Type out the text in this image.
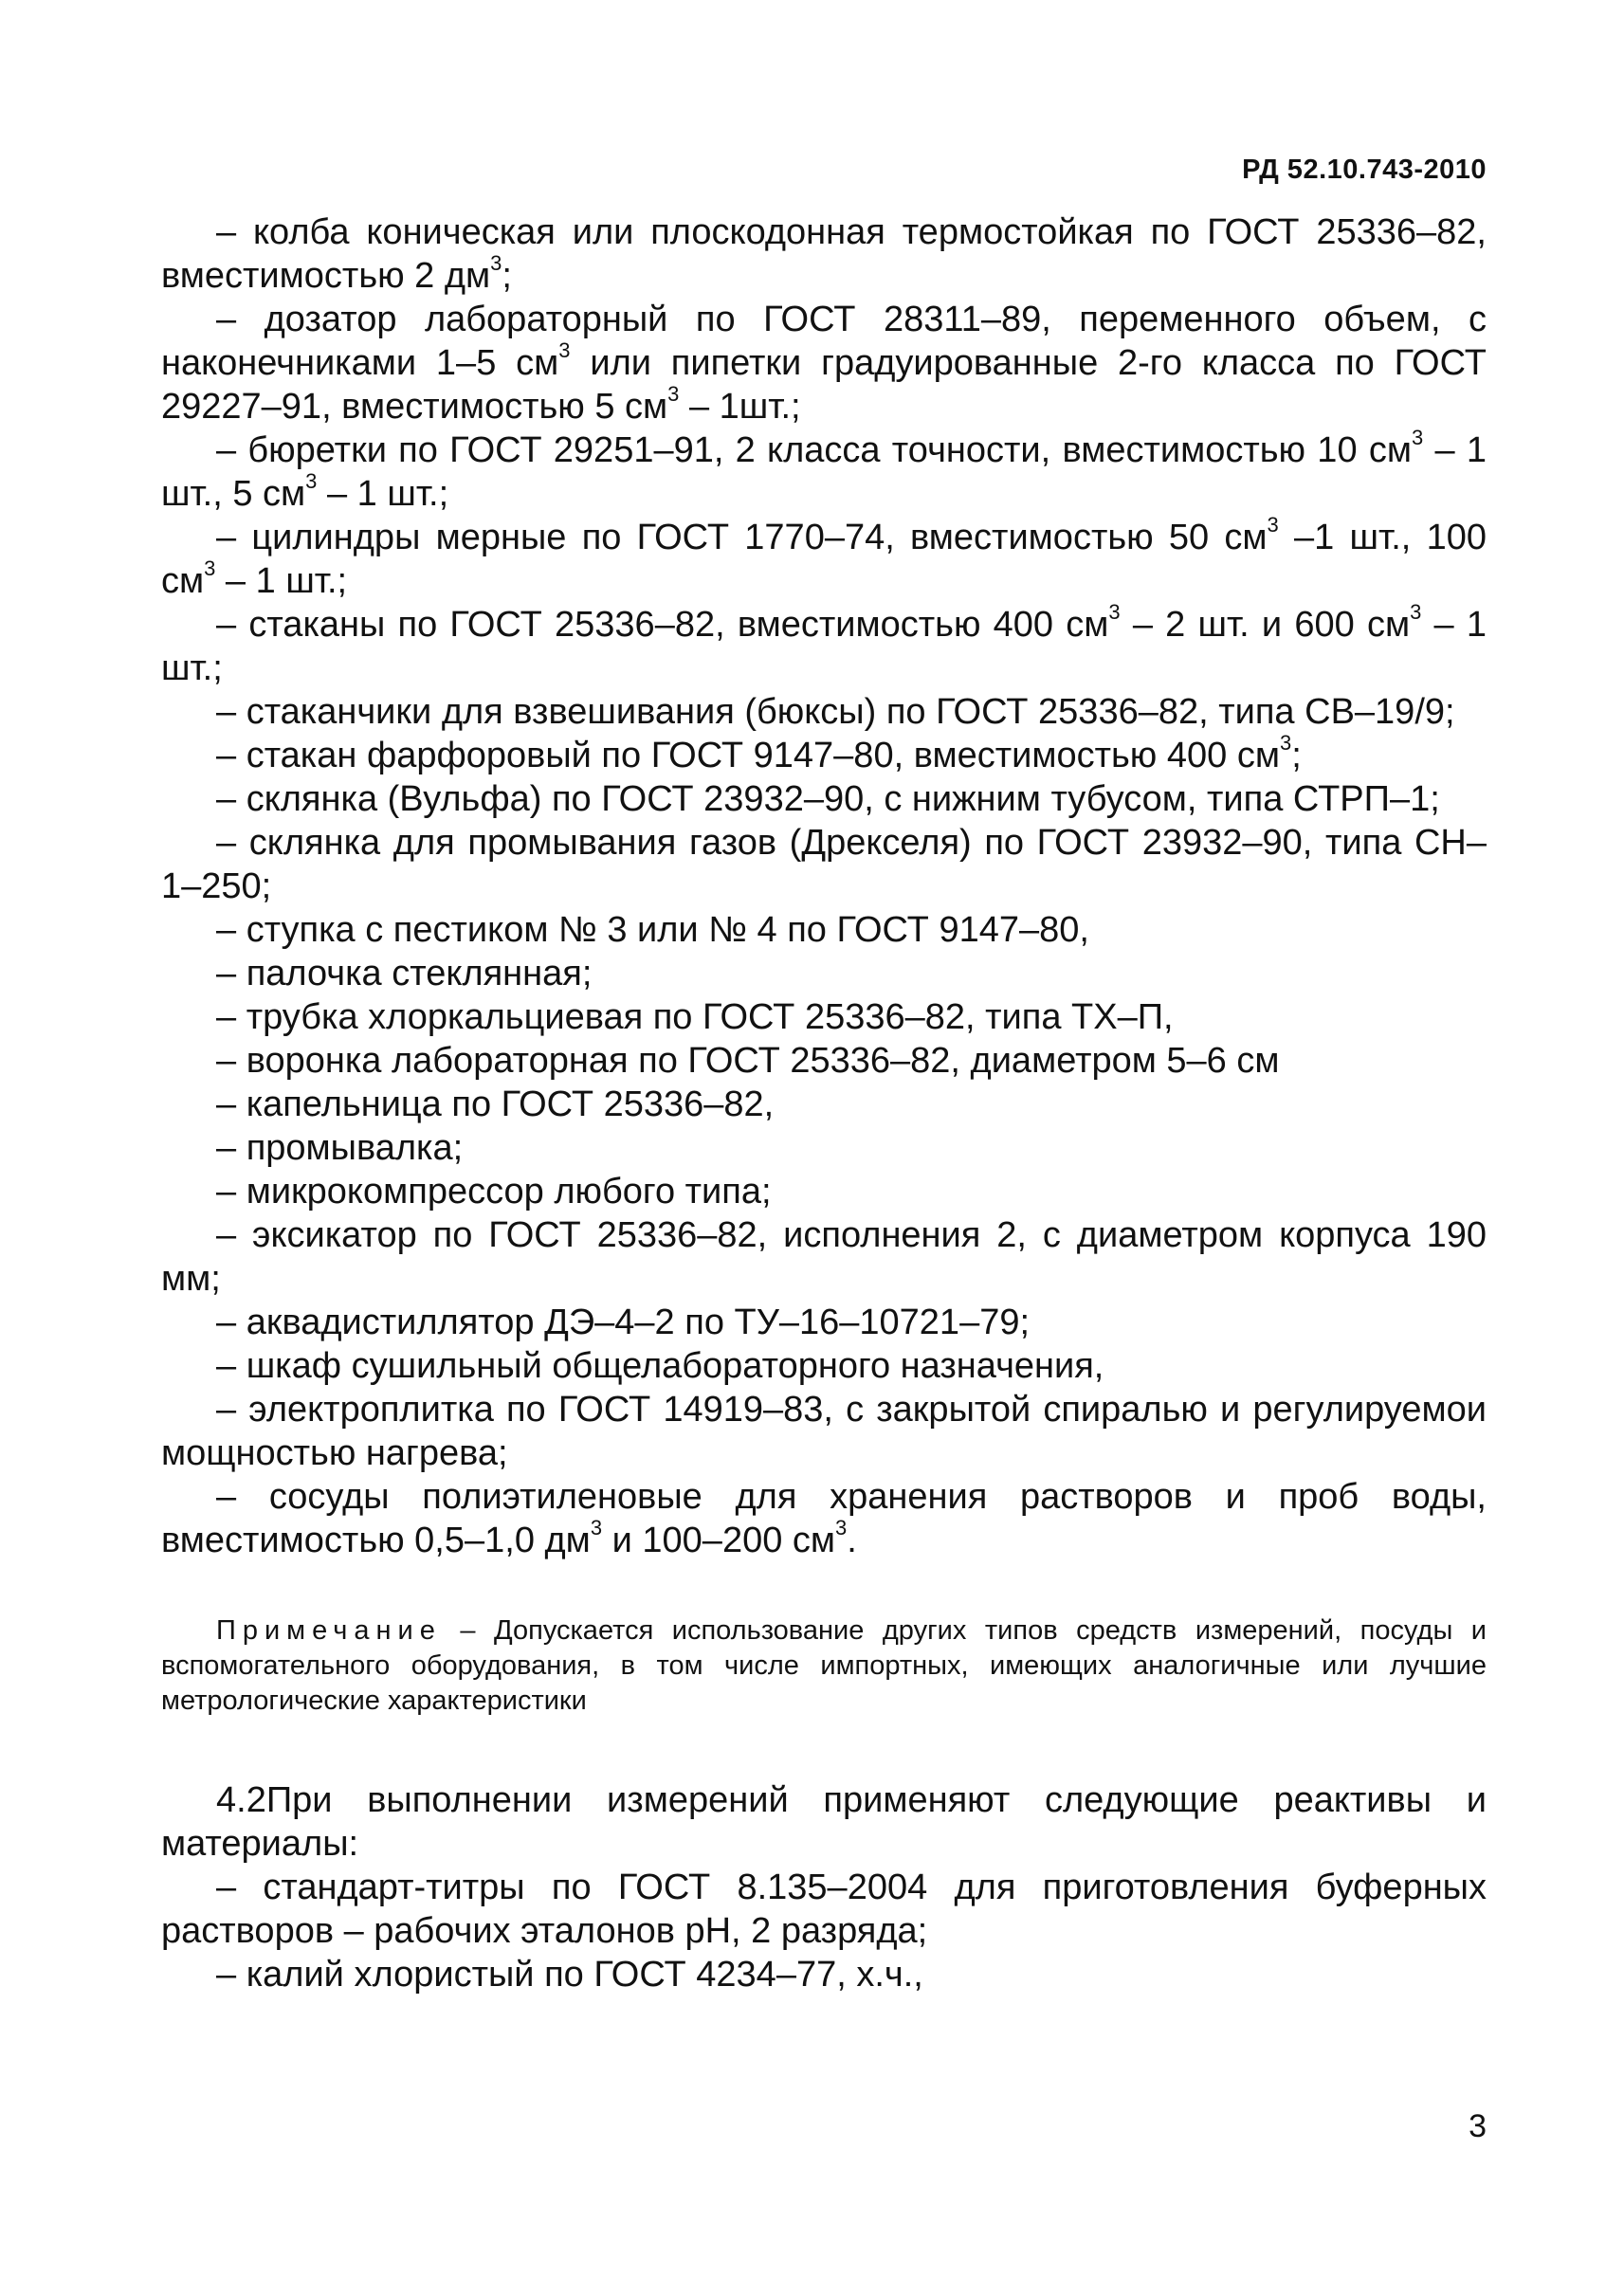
РД 52.10.743-2010
– колба коническая или плоскодонная термостойкая по ГОСТ 25336–82, вместимостью 2 $дм^3$;
– дозатор лабораторный по ГОСТ 28311–89, переменного объем, с наконечниками 1–5 $см^3$ или пипетки градуированные 2-го класса по ГОСТ 29227–91, вместимостью 5 $см^3 - 1шт$.;
– бюретки по ГОСТ 29251–91, 2 класса точности, вместимостью 10 $см^3 - 1$ шт., 5 $см^3 - 1$ шт.;
– цилиндры мерные по ГОСТ 1770–74, вместимостью 50 $см^3$ –1 шт., 100 $см^3 - 1$ шт.;
– стаканы по ГОСТ 25336–82, вместимостью 400 $см^3 - 2$ шт. и 600 $см^3 - 1$ шт.;
– стаканчики для взвешивания (бюксы) по ГОСТ 25336–82, типа СВ–19/9;
– стакан фарфоровый по ГОСТ 9147–80, вместимостью 400 $см^3$;
– склянка (Вульфа) по ГОСТ 23932–90, с нижним тубусом, типа СТРП–1;
– склянка для промывания газов (Дрекселя) по ГОСТ 23932–90, типа СН–1–250;
– ступка с пестиком № 3 или № 4 по ГОСТ 9147–80,
– палочка стеклянная;
– трубка хлоркальциевая по ГОСТ 25336–82, типа ТХ–П,
– воронка лабораторная по ГОСТ 25336–82, диаметром 5–6 см
– капельница по ГОСТ 25336–82,
– промывалка;
– микрокомпрессор любого типа;
– эксикатор по ГОСТ 25336–82, исполнения 2, с диаметром корпуса 190 мм;
– аквадистиллятор ДЭ–4–2 по ТУ–16–10721–79;
– шкаф сушильный общелабораторного назначения,
– электроплитка по ГОСТ 14919–83, с закрытой спиралью и регулируемои мощностью нагрева;
– сосуды полиэтиленовые для хранения растворов и проб воды, вместимостью 0,5–1,0 $дм^3$ и 100–200 $см^3$.
Примечание – Допускается использование других типов средств измерений, посуды и вспомогательного оборудования, в том числе импортных, имеющих аналогичные или лучшие метрологические характеристики
4.2При выполнении измерений применяют следующие реактивы и материалы:
– стандарт-титры по ГОСТ 8.135–2004 для приготовления буферных растворов – рабочих эталонов pH, 2 разряда;
– калий хлористый по ГОСТ 4234–77, х.ч.,
3
